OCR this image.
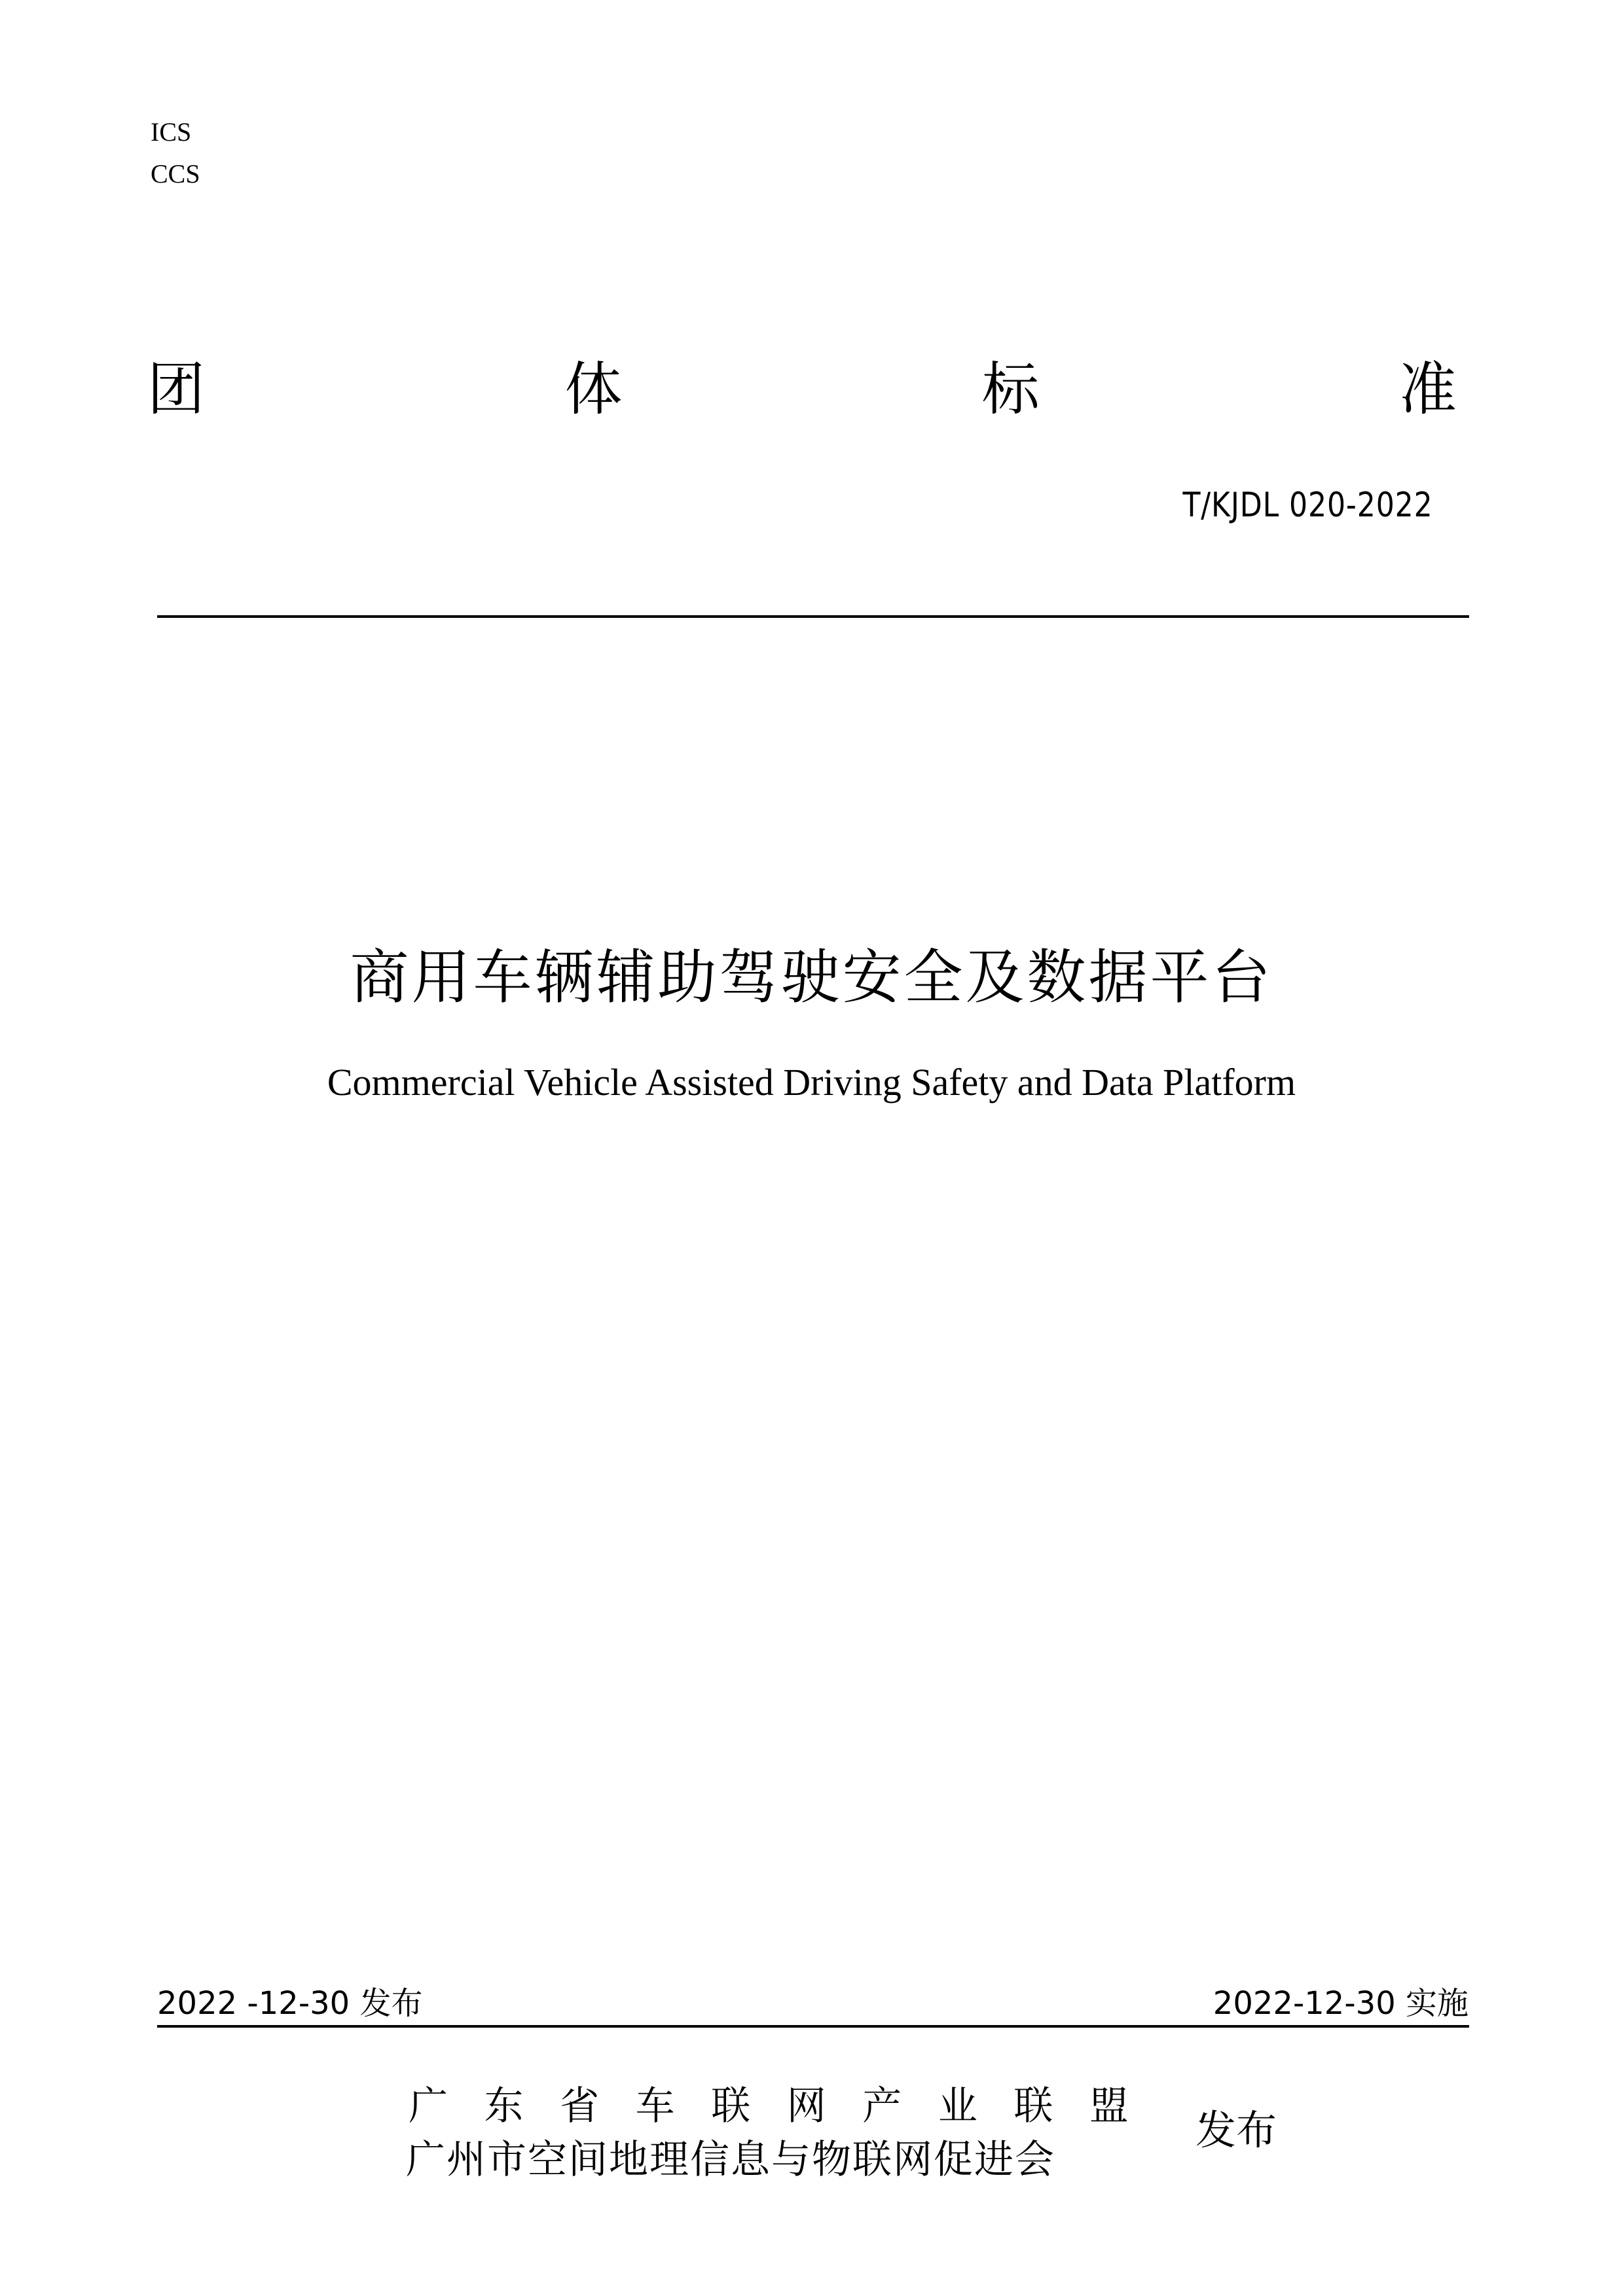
ICS
CCS
团	体	标	准
T/KJDL 020-2022
商用车辆辅助驾驶安全及数据平台
Commercial Vehicle Assisted Driving Safety and Data Platform
2022 -12-30 发布	2022-12-30 实施
广 东 省 车 联 网 产 业 联 盟
广州市空间地理信息与物联网促进会
发布
